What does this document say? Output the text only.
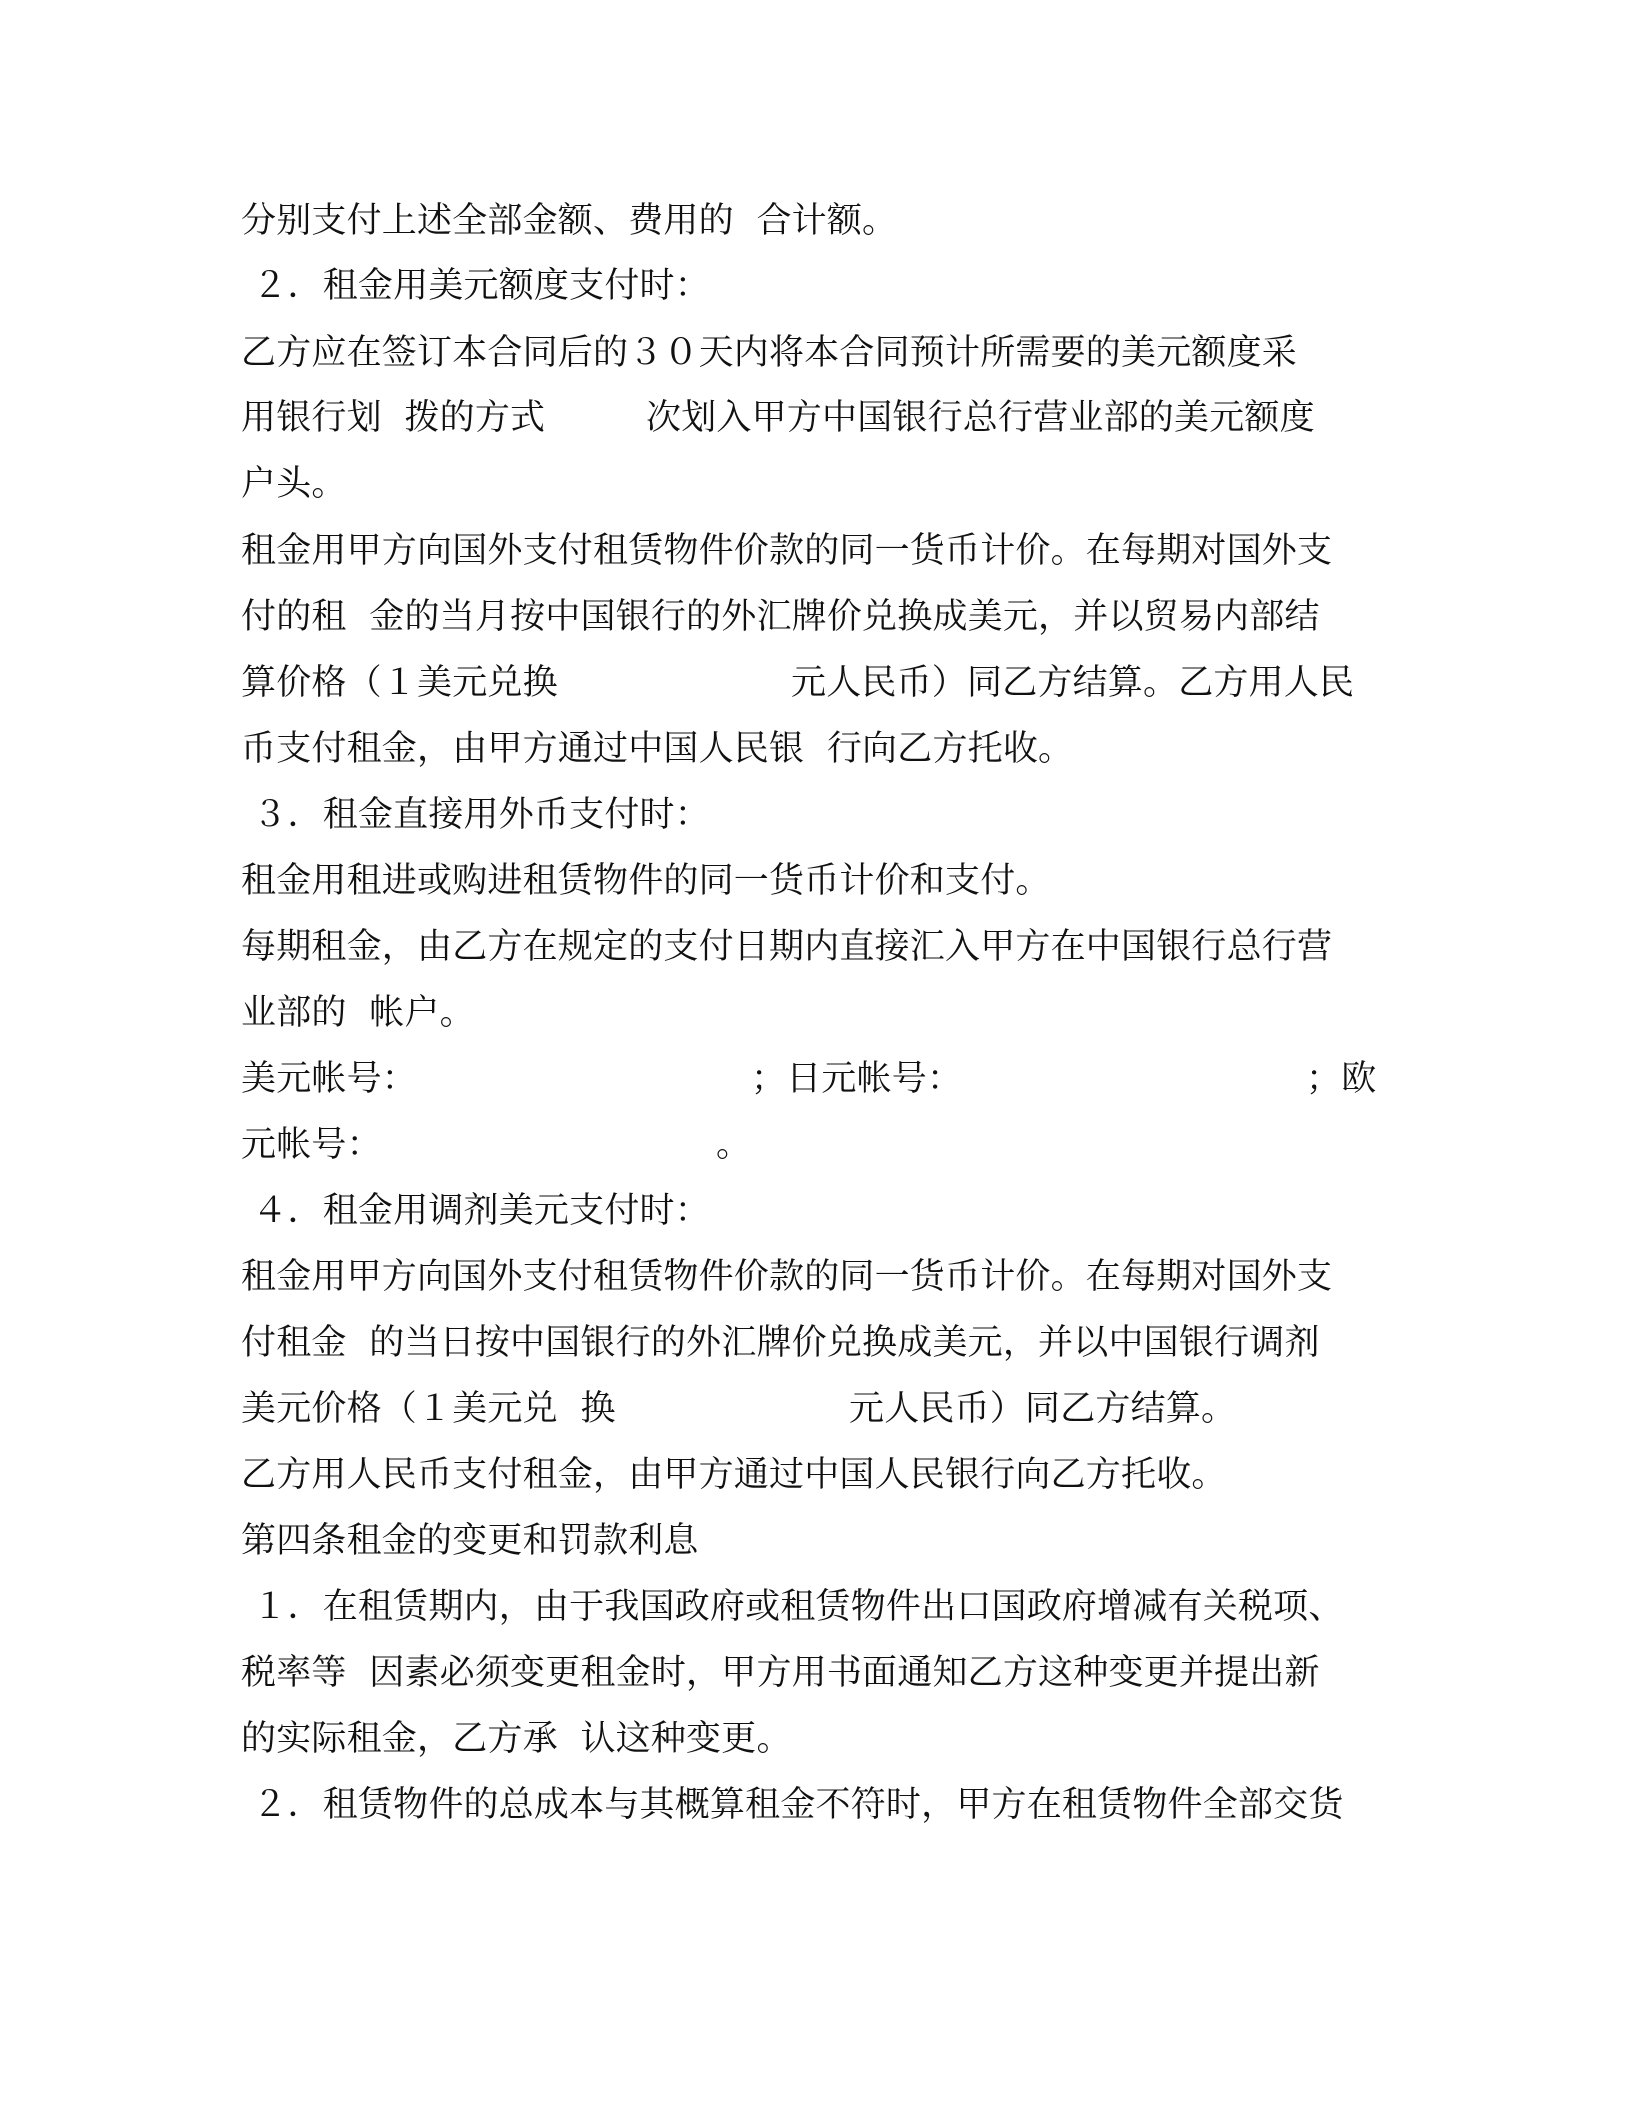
分别支付上述全部金额、费用的  合计额。
２．租金用美元额度支付时：
乙方应在签订本合同后的３０天内将本合同预计所需要的美元额度采

用银行划  拨的方式

	次划入甲方中国银行总行营业部的美元额度

户头。
租金用甲方向国外支付租赁物件价款的同一货币计价。在每期对国外支
付的租  金的当月按中国银行的外汇牌价兑换成美元，并以贸易内部结

算价格（１美元兑换

	元人民币）同乙方结算。乙方用人民

币支付租金，由甲方通过中国人民银  行向乙方托收。
３．租金直接用外币支付时：
租金用租进或购进租赁物件的同一货币计价和支付。
每期租金，由乙方在规定的支付日期内直接汇入甲方在中国银行总行营
业部的  帐户。

美元帐号：

	；日元帐号：

	；欧

元帐号：

	。

４．租金用调剂美元支付时：
租金用甲方向国外支付租赁物件价款的同一货币计价。在每期对国外支
付租金  的当日按中国银行的外汇牌价兑换成美元，并以中国银行调剂

美元价格（１美元兑  换

	元人民币）同乙方结算。

乙方用人民币支付租金，由甲方通过中国人民银行向乙方托收。
第四条租金的变更和罚款利息
１．在租赁期内，由于我国政府或租赁物件出口国政府增减有关税项、
税率等  因素必须变更租金时，甲方用书面通知乙方这种变更并提出新
的实际租金，乙方承  认这种变更。
２．租赁物件的总成本与其概算租金不符时，甲方在租赁物件全部交货
